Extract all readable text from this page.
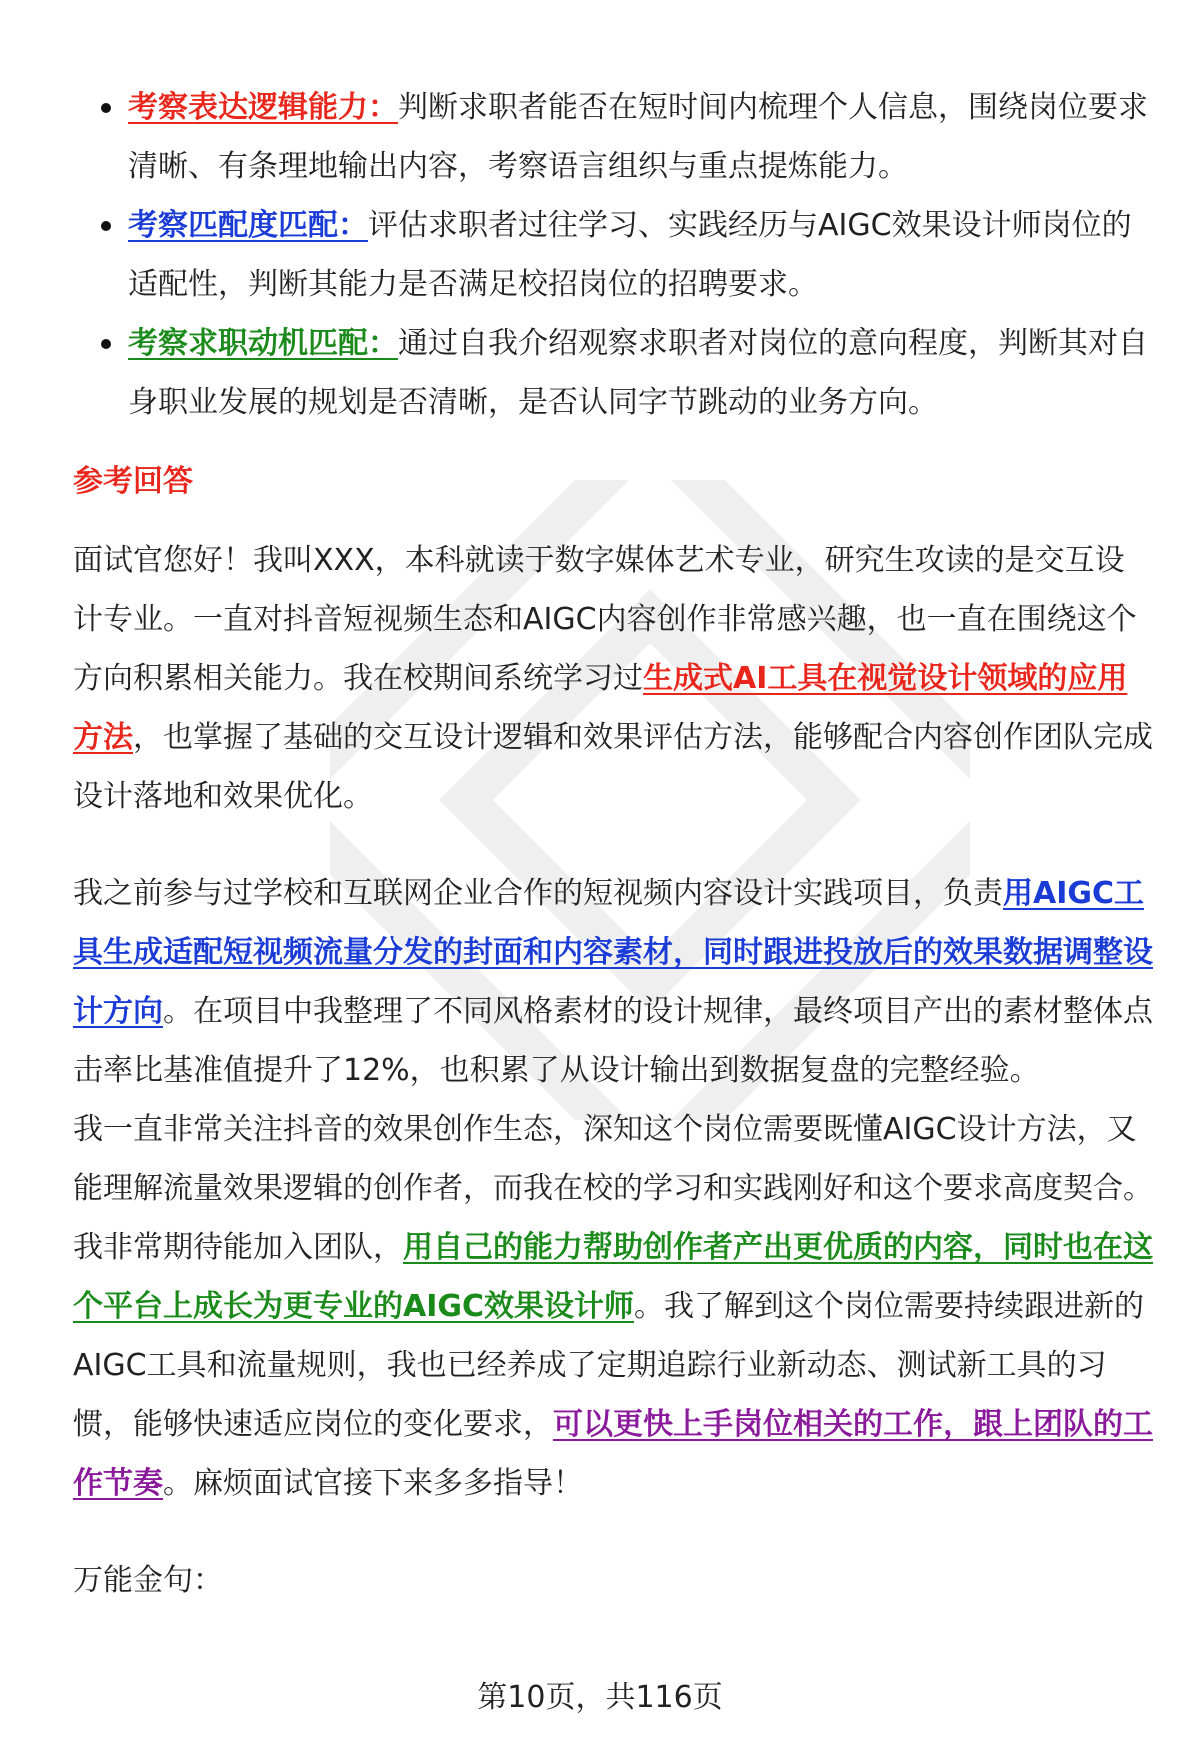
考察表达逻辑能力：判断求职者能否在短时间内梳理个人信息，围绕岗位要求清晰、有条理地输出内容，考察语言组织与重点提炼能力。
考察匹配度匹配：评估求职者过往学习、实践经历与AIGC效果设计师岗位的适配性，判断其能力是否满足校招岗位的招聘要求。
考察求职动机匹配：通过自我介绍观察求职者对岗位的意向程度，判断其对自身职业发展的规划是否清晰，是否认同字节跳动的业务方向。
参考回答

面试官您好！我叫XXX，本科就读于数字媒体艺术专业，研究生攻读的是交互设计专业。一直对抖音短视频生态和AIGC内容创作非常感兴趣，也一直在围绕这个方向积累相关能力。我在校期间系统学习过生成式AI工具在视觉设计领域的应用方法，也掌握了基础的交互设计逻辑和效果评估方法，能够配合内容创作团队完成设计落地和效果优化。

我之前参与过学校和互联网企业合作的短视频内容设计实践项目，负责用AIGC工具生成适配短视频流量分发的封面和内容素材，同时跟进投放后的效果数据调整设计方向。在项目中我整理了不同风格素材的设计规律，最终项目产出的素材整体点击率比基准值提升了12%，也积累了从设计输出到数据复盘的完整经验。

我一直非常关注抖音的效果创作生态，深知这个岗位需要既懂AIGC设计方法，又能理解流量效果逻辑的创作者，而我在校的学习和实践刚好和这个要求高度契合。我非常期待能加入团队，用自己的能力帮助创作者产出更优质的内容，同时也在这个平台上成长为更专业的AIGC效果设计师。我了解到这个岗位需要持续跟进新的AIGC工具和流量规则，我也已经养成了定期追踪行业新动态、测试新工具的习惯，能够快速适应岗位的变化要求，可以更快上手岗位相关的工作，跟上团队的工作节奏。麻烦面试官接下来多多指导！

万能金句：

第10页，共116页
